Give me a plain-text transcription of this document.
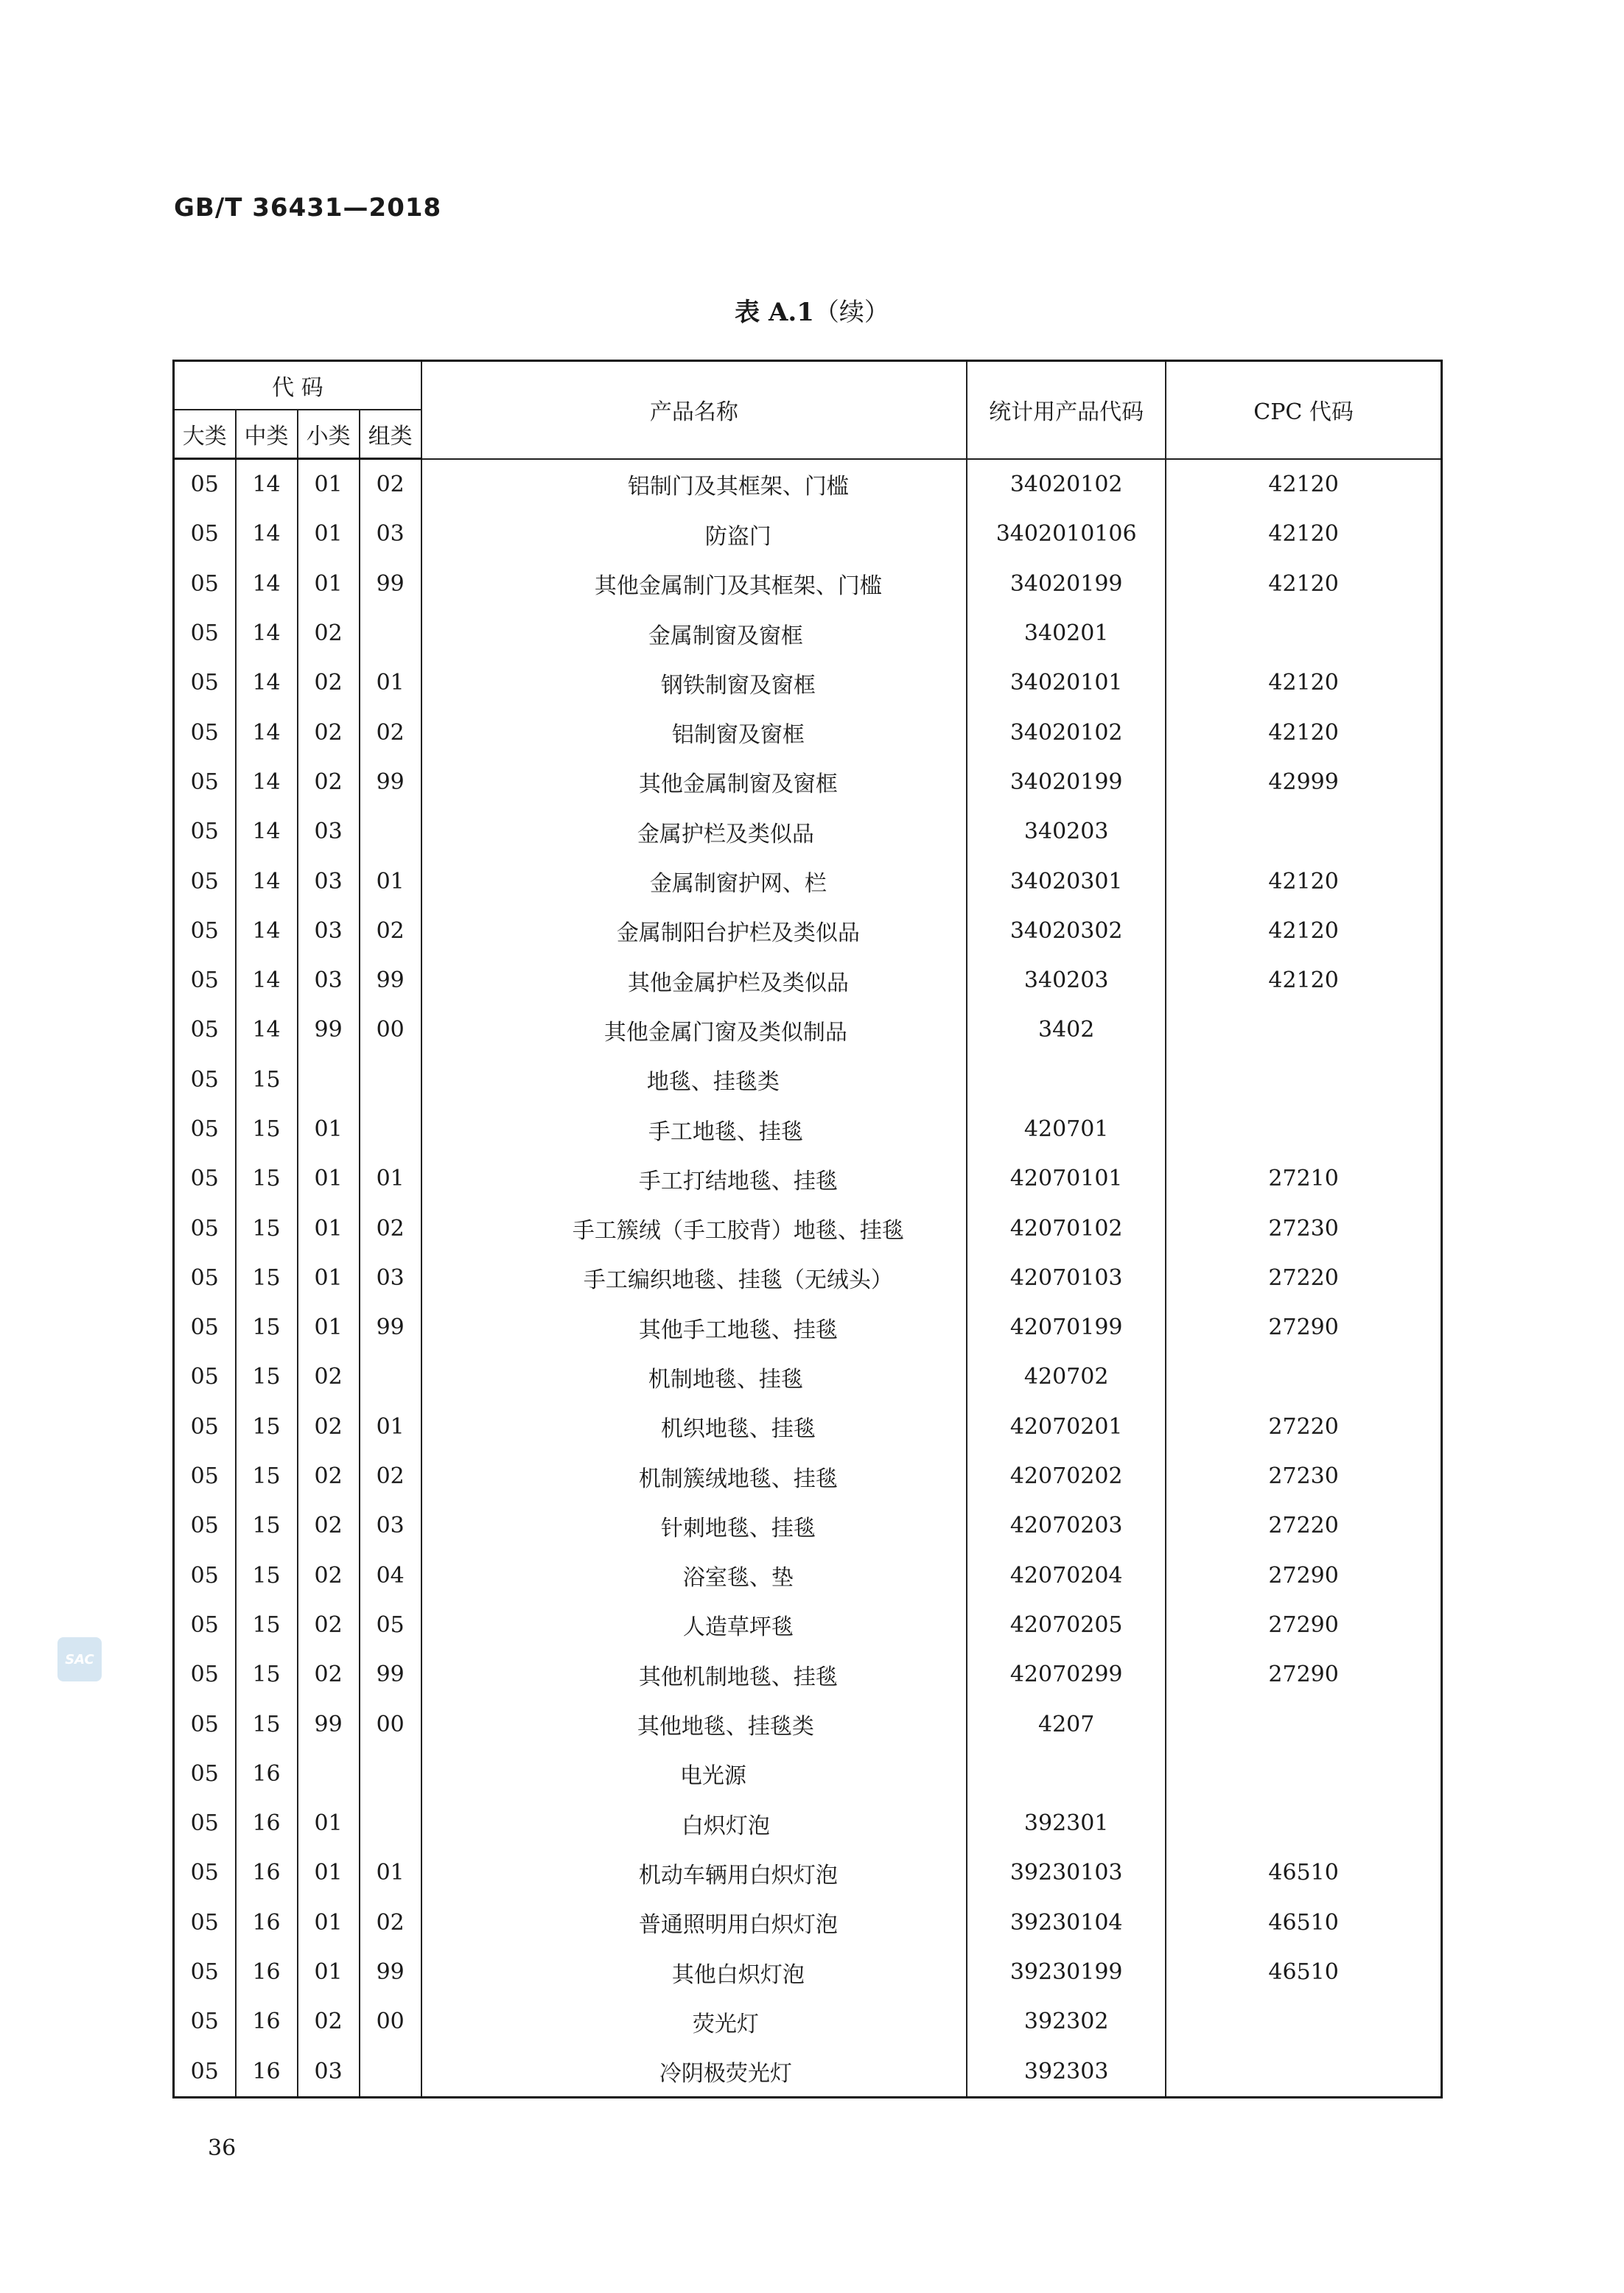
GB/T 36431—2018
表 A.1（续）
代 码				产品名称	统计用产品代码	CPC 代码
大类	中类	小类	组类			
05	14	01	02	铝制门及其框架、门槛	34020102	42120
05	14	01	03	防盗门	3402010106	42120
05	14	01	99	其他金属制门及其框架、门槛	34020199	42120
05	14	02		金属制窗及窗框	340201	
05	14	02	01	钢铁制窗及窗框	34020101	42120
05	14	02	02	铝制窗及窗框	34020102	42120
05	14	02	99	其他金属制窗及窗框	34020199	42999
05	14	03		金属护栏及类似品	340203	
05	14	03	01	金属制窗护网、栏	34020301	42120
05	14	03	02	金属制阳台护栏及类似品	34020302	42120
05	14	03	99	其他金属护栏及类似品	340203	42120
05	14	99	00	其他金属门窗及类似制品	3402	
05	15			地毯、挂毯类		
05	15	01		手工地毯、挂毯	420701	
05	15	01	01	手工打结地毯、挂毯	42070101	27210
05	15	01	02	手工簇绒（手工胶背）地毯、挂毯	42070102	27230
05	15	01	03	手工编织地毯、挂毯（无绒头）	42070103	27220
05	15	01	99	其他手工地毯、挂毯	42070199	27290
05	15	02		机制地毯、挂毯	420702	
05	15	02	01	机织地毯、挂毯	42070201	27220
05	15	02	02	机制簇绒地毯、挂毯	42070202	27230
05	15	02	03	针刺地毯、挂毯	42070203	27220
05	15	02	04	浴室毯、垫	42070204	27290
05	15	02	05	人造草坪毯	42070205	27290
05	15	02	99	其他机制地毯、挂毯	42070299	27290
05	15	99	00	其他地毯、挂毯类	4207	
05	16			电光源		
05	16	01		白炽灯泡	392301	
05	16	01	01	机动车辆用白炽灯泡	39230103	46510
05	16	01	02	普通照明用白炽灯泡	39230104	46510
05	16	01	99	其他白炽灯泡	39230199	46510
05	16	02	00	荧光灯	392302	
05	16	03		冷阴极荧光灯	392303	
36
SAC
